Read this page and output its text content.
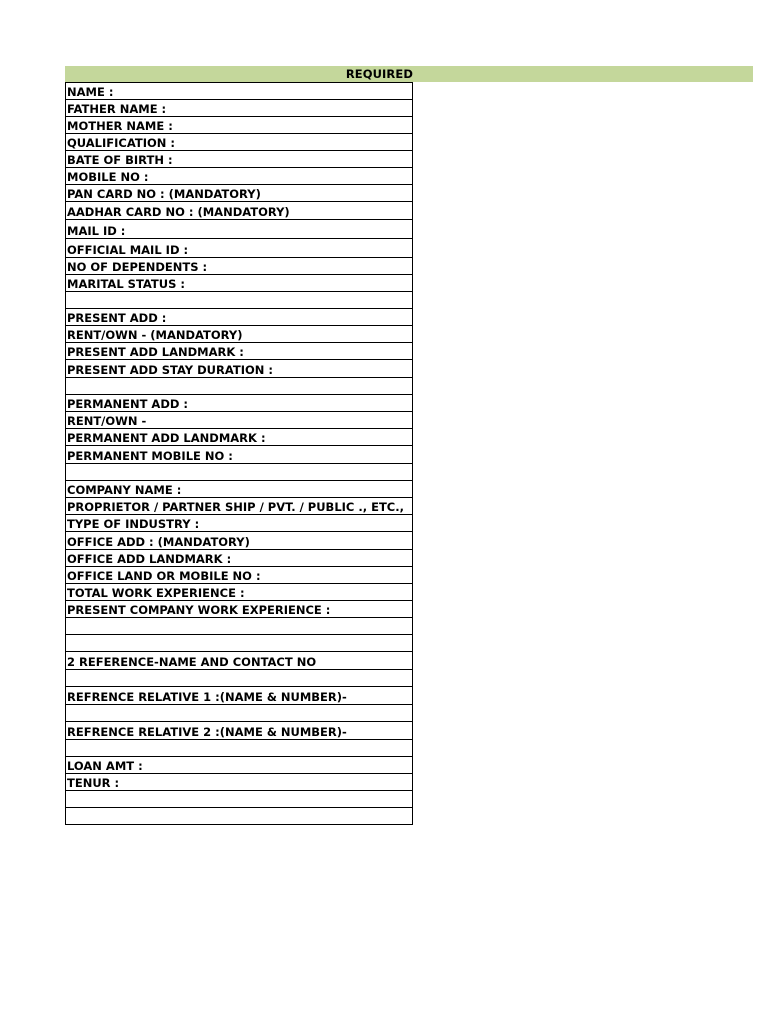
REQUIRED
NAME :
FATHER NAME :
MOTHER NAME :
QUALIFICATION :
BATE OF BIRTH :
MOBILE NO :
PAN CARD NO : (MANDATORY)
AADHAR CARD NO : (MANDATORY)
MAIL ID :
OFFICIAL MAIL ID :
NO OF DEPENDENTS :
MARITAL STATUS :

PRESENT ADD :
RENT/OWN - (MANDATORY)
PRESENT ADD LANDMARK :
PRESENT ADD STAY DURATION :

PERMANENT ADD :
RENT/OWN -
PERMANENT ADD LANDMARK :
PERMANENT MOBILE NO :

COMPANY NAME :
PROPRIETOR / PARTNER SHIP / PVT. / PUBLIC ., ETC.,
TYPE OF INDUSTRY :
OFFICE ADD : (MANDATORY)
OFFICE ADD LANDMARK :
OFFICE LAND OR MOBILE NO :
TOTAL WORK EXPERIENCE :
PRESENT COMPANY WORK EXPERIENCE :

2 REFERENCE-NAME AND CONTACT NO

REFRENCE RELATIVE 1 :(NAME & NUMBER)-

REFRENCE RELATIVE 2 :(NAME & NUMBER)-

LOAN AMT :
TENUR :
